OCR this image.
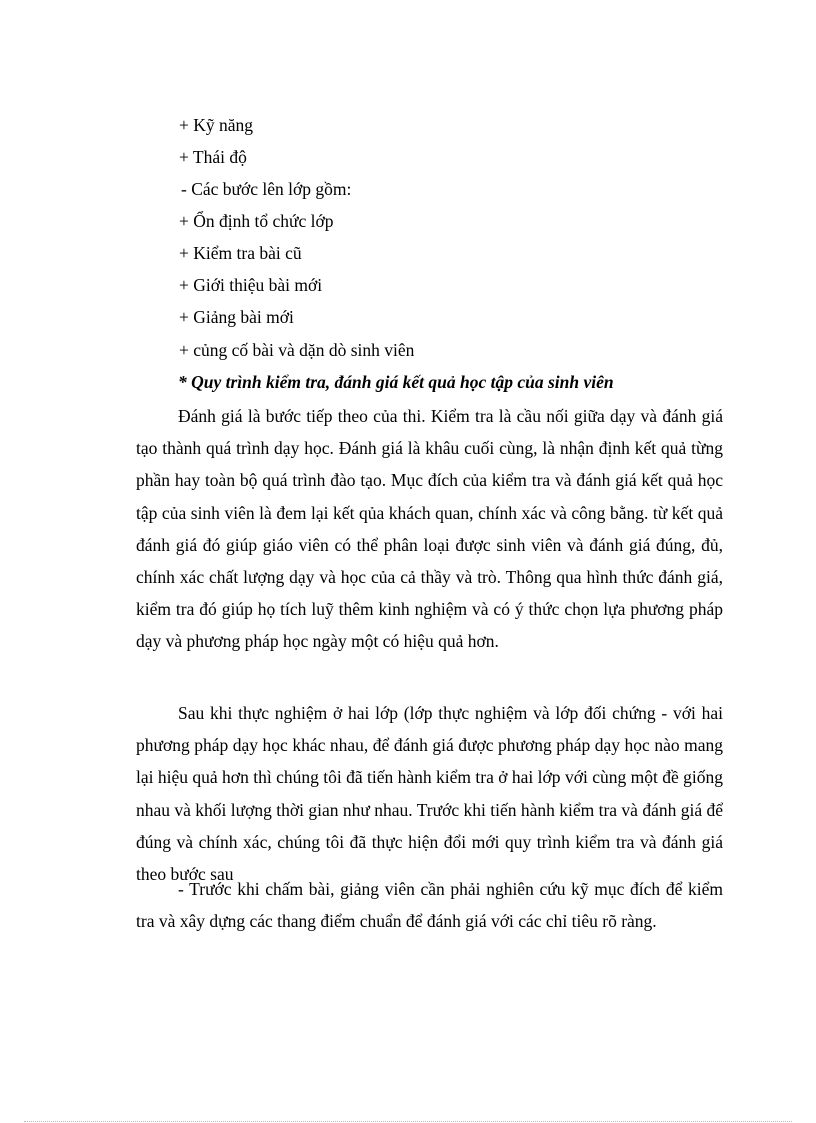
+ Kỹ năng
+ Thái độ
- Các bước lên lớp gồm:
+ Ổn định tổ chức lớp
+ Kiểm tra bài cũ
+ Giới thiệu bài mới
+ Giảng bài mới
+ củng cố bài và dặn dò sinh viên
* Quy trình kiểm tra, đánh giá kết quả học tập của sinh viên
Đánh giá là bước tiếp theo của thi. Kiểm tra là cầu nối giữa dạy và đánh giá tạo thành quá trình dạy học. Đánh giá là khâu cuối cùng, là nhận định kết quả từng phần hay toàn bộ quá trình đào tạo. Mục đích của kiểm tra và đánh giá kết quả học tập của sinh viên là đem lại kết qủa khách quan, chính xác và công bằng. từ kết quả đánh giá đó giúp giáo viên có thể phân loại được sinh viên và đánh giá đúng, đủ, chính xác chất lượng dạy và học của cả thầy và trò. Thông qua hình thức đánh giá, kiểm tra đó giúp họ tích luỹ thêm kinh nghiệm và có ý thức chọn lựa phương pháp dạy và phương pháp học ngày một có hiệu quả hơn.
Sau khi thực nghiệm ở hai lớp (lớp thực nghiệm và lớp đối chứng - với hai phương pháp dạy học khác nhau, để đánh giá được phương pháp dạy học nào mang lại hiệu quả hơn thì chúng tôi đã tiến hành kiểm tra ở hai lớp với cùng một đề giống nhau và khối lượng thời gian như nhau. Trước khi tiến hành kiểm tra và đánh giá để đúng và chính xác, chúng tôi đã thực hiện đổi mới quy trình kiểm tra và đánh giá theo bước sau
- Trước khi chấm bài, giảng viên cần phải nghiên cứu kỹ mục đích để kiểm tra và xây dựng các thang điểm chuẩn để đánh giá với các chỉ tiêu rõ ràng.
